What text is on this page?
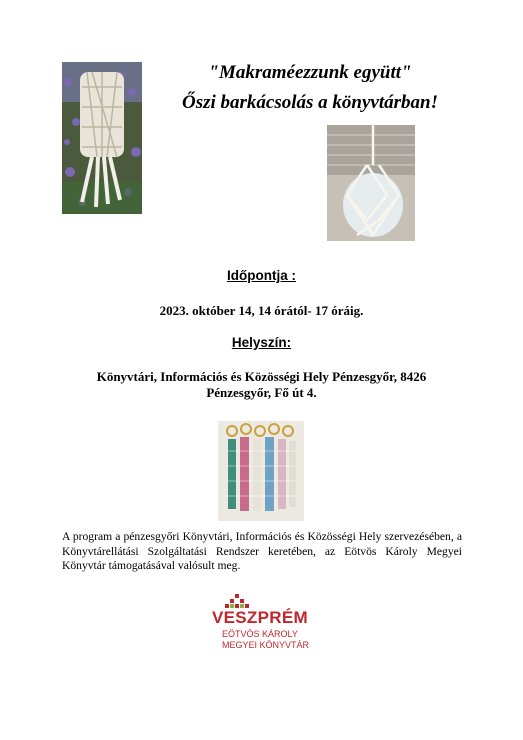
"Makraméezzunk együtt"
Őszi barkácsolás a könyvtárban!
Időpontja :
2023. október 14, 14 órától- 17 óráig.
Helyszín:
Könyvtári, Információs és Közösségi Hely Pénzesgyőr, 8426
Pénzesgyőr, Fő út 4.
A program a pénzesgyőri Könyvtári, Információs és Közösségi Hely szervezésében, a Könyvtárellátási Szolgáltatási Rendszer keretében, az Eötvös Károly Megyei Könyvtár támogatásával valósult meg.
VESZPRÉM
EÖTVÖS KÁROLY
MEGYEI KÖNYVTÁR
